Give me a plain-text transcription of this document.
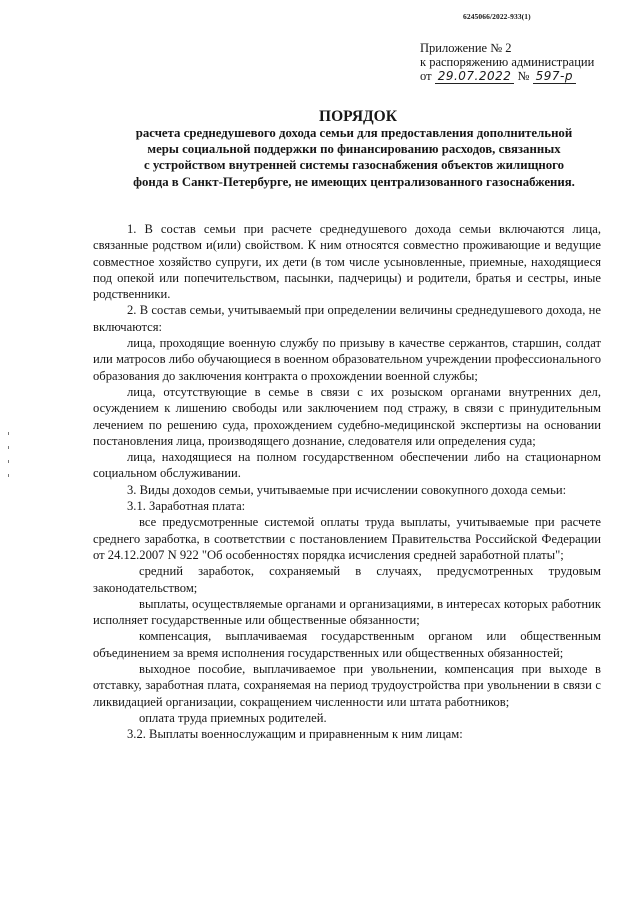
6245066/2022-933(1)
Приложение № 2
к распоряжению администрации
от 29.07.2022 № 597-р
ПОРЯДОК
расчета среднедушевого дохода семьи для предоставления дополнительной
меры социальной поддержки по финансированию расходов, связанных
с устройством внутренней системы газоснабжения объектов жилищного
фонда в Санкт-Петербурге, не имеющих централизованного газоснабжения.

1. В состав семьи при расчете среднедушевого дохода семьи включаются лица, связанные родством и(или) свойством. К ним относятся совместно проживающие и ведущие совместное хозяйство супруги, их дети (в том числе усыновленные, приемные, находящиеся под опекой или попечительством, пасынки, падчерицы) и родители, братья и сестры, иные родственники.

2. В состав семьи, учитываемый при определении величины среднедушевого дохода, не включаются:

лица, проходящие военную службу по призыву в качестве сержантов, старшин, солдат или матросов либо обучающиеся в военном образовательном учреждении профессионального образования до заключения контракта о прохождении военной службы;

лица, отсутствующие в семье в связи с их розыском органами внутренних дел, осуждением к лишению свободы или заключением под стражу, в связи с принудительным лечением по решению суда, прохождением судебно-медицинской экспертизы на основании постановления лица, производящего дознание, следователя или определения суда;

лица, находящиеся на полном государственном обеспечении либо на стационарном социальном обслуживании.

3. Виды доходов семьи, учитываемые при исчислении совокупного дохода семьи:

3.1. Заработная плата:

все предусмотренные системой оплаты труда выплаты, учитываемые при расчете среднего заработка, в соответствии с постановлением Правительства Российской Федерации от 24.12.2007 N 922 "Об особенностях порядка исчисления средней заработной платы";

средний заработок, сохраняемый в случаях, предусмотренных трудовым законодательством;

выплаты, осуществляемые органами и организациями, в интересах которых работник исполняет государственные или общественные обязанности;

компенсация, выплачиваемая государственным органом или общественным объединением за время исполнения государственных или общественных обязанностей;

выходное пособие, выплачиваемое при увольнении, компенсация при выходе в отставку, заработная плата, сохраняемая на период трудоустройства при увольнении в связи с ликвидацией организации, сокращением численности или штата работников;

оплата труда приемных родителей.

3.2. Выплаты военнослужащим и приравненным к ним лицам:
